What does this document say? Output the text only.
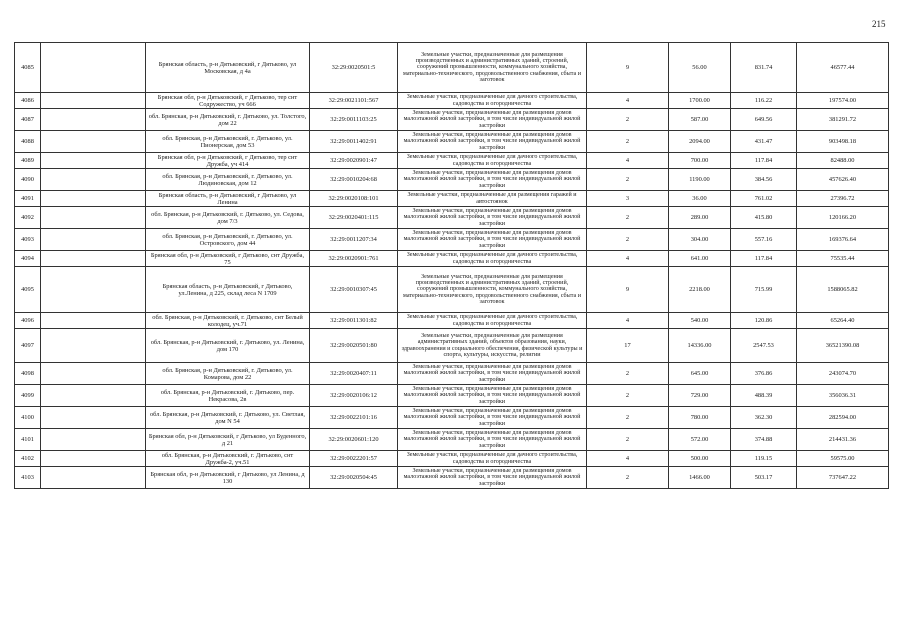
215
4085		Брянская область, р-н Дятьковский, г Дятьково, ул Московская, д 4а	32:29:0020501:5	Земельные участки, предназначенные для размещения производственных и административных зданий, строений, сооружений промышленности, коммунального хозяйства, материально-технического, продовольственного снабжения, сбыта и заготовок	9	56.00	831.74	46577.44
4086		Брянская обл, р-н Дятьковский, г Дятьково, тер снт Содружество, уч 666	32:29:0021101:567	Земельные участки, предназначенные для дачного строительства, садоводства и огородничества	4	1700.00	116.22	197574.00
4087		обл. Брянская, р-н Дятьковский, г. Дятьково, ул. Толстого, дом 22	32:29:0011103:25	Земельные участки, предназначенные для размещения домов малоэтажной жилой застройки, в том числе индивидуальной жилой застройки	2	587.00	649.56	381291.72
4088		обл. Брянская, р-н Дятьковский, г. Дятьково, ул. Пионерская, дом 53	32:29:0011402:91	Земельные участки, предназначенные для размещения домов малоэтажной жилой застройки, в том числе индивидуальной жилой застройки	2	2094.00	431.47	903498.18
4089		Брянская обл, р-н Дятьковский, г Дятьково, тер снт Дружба, уч 414	32:29:0020901:47	Земельные участки, предназначенные для дачного строительства, садоводства и огородничества	4	700.00	117.84	82488.00
4090		обл. Брянская, р-н Дятьковский, г. Дятьково, ул. Людиновская, дом 12	32:29:0010204:68	Земельные участки, предназначенные для размещения домов малоэтажной жилой застройки, в том числе индивидуальной жилой застройки	2	1190.00	384.56	457626.40
4091		Брянская область, р-н Дятьковский, г Дятьково, ул Ленина	32:29:0020108:101	Земельные участки, предназначенные для размещения гаражей и автостоянок	3	36.00	761.02	27396.72
4092		обл. Брянская, р-н Дятьковский, г. Дятьково, ул. Седова, дом 7/3	32:29:0020401:115	Земельные участки, предназначенные для размещения домов малоэтажной жилой застройки, в том числе индивидуальной жилой застройки	2	289.00	415.80	120166.20
4093		обл. Брянская, р-н Дятьковский, г. Дятьково, ул. Островского, дом 44	32:29:0011207:34	Земельные участки, предназначенные для размещения домов малоэтажной жилой застройки, в том числе индивидуальной жилой застройки	2	304.00	557.16	169376.64
4094		Брянская обл, р-н Дятьковский, г Дятьково, снт Дружба, 75	32:29:0020901:761	Земельные участки, предназначенные для дачного строительства, садоводства и огородничества	4	641.00	117.84	75535.44
4095		Брянская область, р-н Дятьковский, г Дятьково, ул.Ленина, д 225, склад леса N 1709	32:29:0010307:45	Земельные участки, предназначенные для размещения производственных и административных зданий, строений, сооружений промышленности, коммунального хозяйства, материально-технического, продовольственного снабжения, сбыта и заготовок	9	2218.00	715.99	1588065.82
4096		обл. Брянская, р-н Дятьковский, г. Дятьково, снт Белый колодец, уч.71	32:29:0011301:82	Земельные участки, предназначенные для дачного строительства, садоводства и огородничества	4	540.00	120.86	65264.40
4097		обл. Брянская, р-н Дятьковский, г. Дятьково, ул. Ленина, дом 170	32:29:0020501:80	Земельные участки, предназначенные для размещения административных зданий, объектов образования, науки, здравоохранения и социального обеспечения, физической культуры и спорта, культуры, искусства, религии	17	14336.00	2547.53	36521390.08
4098		обл. Брянская, р-н Дятьковский, г. Дятьково, ул. Комарова, дом 22	32:29:0020407:11	Земельные участки, предназначенные для размещения домов малоэтажной жилой застройки, в том числе индивидуальной жилой застройки	2	645.00	376.86	243074.70
4099		обл. Брянская, р-н Дятьковский, г. Дятьково, пер. Некрасова, 2в	32:29:0020106:12	Земельные участки, предназначенные для размещения домов малоэтажной жилой застройки, в том числе индивидуальной жилой застройки	2	729.00	488.39	356036.31
4100		обл. Брянская, р-н Дятьковский, г. Дятьково, ул. Светлая, дом N 54	32:29:0022101:16	Земельные участки, предназначенные для размещения домов малоэтажной жилой застройки, в том числе индивидуальной жилой застройки	2	780.00	362.30	282594.00
4101		Брянская обл, р-н Дятьковский, г Дятьково, ул Буденного, д 21	32:29:0020601:120	Земельные участки, предназначенные для размещения домов малоэтажной жилой застройки, в том числе индивидуальной жилой застройки	2	572.00	374.88	214431.36
4102		обл. Брянская, р-н Дятьковский, г. Дятьково, снт Дружба-2, уч.51	32:29:0022201:57	Земельные участки, предназначенные для дачного строительства, садоводства и огородничества	4	500.00	119.15	59575.00
4103		Брянская обл, р-н Дятьковский, г Дятьково, ул Ленина, д 130	32:29:0020504:45	Земельные участки, предназначенные для размещения домов малоэтажной жилой застройки, в том числе индивидуальной жилой застройки	2	1466.00	503.17	737647.22
